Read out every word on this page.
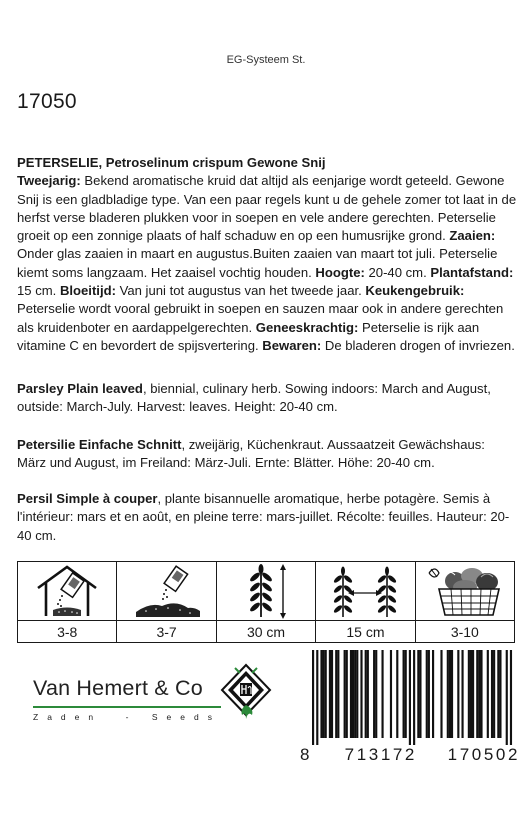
EG-Systeem St.
17050
PETERSELIE, Petroselinum crispum Gewone Snij
Tweejarig: Bekend aromatische kruid dat altijd als eenjarige wordt geteeld. Gewone Snij is een gladbladige type. Van een paar regels kunt u de gehele zomer tot laat in de herfst verse bladeren plukken voor in soepen en vele andere gerechten. Peterselie groeit op een zonnige plaats of half schaduw en op een humusrijke grond. Zaaien: Onder glas zaaien in maart en augustus.Buiten zaaien van maart tot juli. Peterselie kiemt soms langzaam. Het zaaisel vochtig houden. Hoogte: 20-40 cm. Plantafstand: 15 cm. Bloeitijd: Van juni tot augustus van het tweede jaar. Keukengebruik: Peterselie wordt vooral gebruikt in soepen en sauzen maar ook in andere gerechten als kruidenboter en aardappelgerechten. Geneeskrachtig: Peterselie is rijk aan vitamine C en bevordert de spijsvertering. Bewaren: De bladeren drogen of invriezen.
Parsley Plain leaved, biennial, culinary herb. Sowing indoors: March and August, outside: March-July. Harvest: leaves. Height: 20-40 cm.
Petersilie Einfache Schnitt, zweijärig, Küchenkraut. Aussaatzeit Gewächshaus: März und August, im Freiland: März-Juli. Ernte: Blätter. Höhe: 20-40 cm.
Persil Simple à couper, plante bisannuelle aromatique, herbe potagère. Semis à l'intérieur: mars et en août, en pleine terre: mars-juillet. Récolte: feuilles. Hauteur: 20-40 cm.
3-8	3-7	30 cm	15 cm	3-10
Van Hemert & Co
Zaden	-	Seeds
8 713172 170502
